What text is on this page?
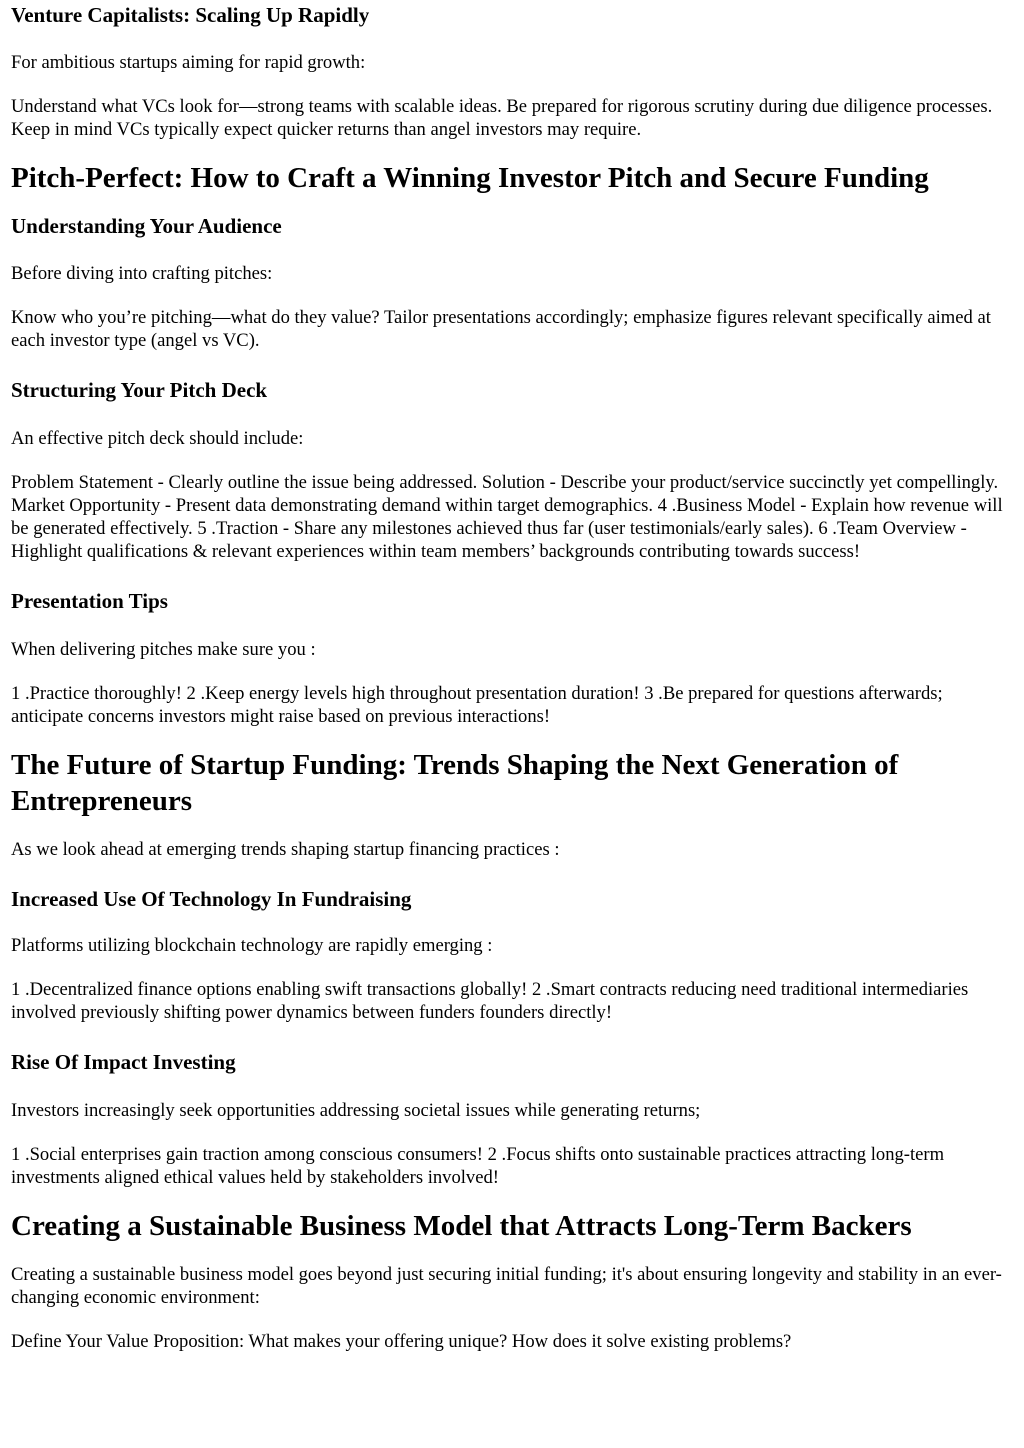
Venture Capitalists: Scaling Up Rapidly

For ambitious startups aiming for rapid growth:

Understand what VCs look for—strong teams with scalable ideas. Be prepared for rigorous scrutiny during due diligence processes. Keep in mind VCs typically expect quicker returns than angel investors may require.

Pitch-Perfect: How to Craft a Winning Investor Pitch and Secure Funding
Understanding Your Audience

Before diving into crafting pitches:

Know who you’re pitching—what do they value? Tailor presentations accordingly; emphasize figures relevant specifically aimed at each investor type (angel vs VC).

Structuring Your Pitch Deck

An effective pitch deck should include:

Problem Statement - Clearly outline the issue being addressed. Solution - Describe your product/service succinctly yet compellingly. Market Opportunity - Present data demonstrating demand within target demographics. 4 .Business Model - Explain how revenue will be generated effectively. 5 .Traction - Share any milestones achieved thus far (user testimonials/early sales). 6 .Team Overview - Highlight qualifications & relevant experiences within team members’ backgrounds contributing towards success!

Presentation Tips

When delivering pitches make sure you :

1 .Practice thoroughly! 2 .Keep energy levels high throughout presentation duration! 3 .Be prepared for questions afterwards; anticipate concerns investors might raise based on previous interactions!

The Future of Startup Funding: Trends Shaping the Next Generation of Entrepreneurs

As we look ahead at emerging trends shaping startup financing practices :

Increased Use Of Technology In Fundraising

Platforms utilizing blockchain technology are rapidly emerging :

1 .Decentralized finance options enabling swift transactions globally! 2 .Smart contracts reducing need traditional intermediaries involved previously shifting power dynamics between funders founders directly!

Rise Of Impact Investing

Investors increasingly seek opportunities addressing societal issues while generating returns;

1 .Social enterprises gain traction among conscious consumers! 2 .Focus shifts onto sustainable practices attracting long-term investments aligned ethical values held by stakeholders involved!

Creating a Sustainable Business Model that Attracts Long-Term Backers

Creating a sustainable business model goes beyond just securing initial funding; it's about ensuring longevity and stability in an ever-changing economic environment:

Define Your Value Proposition: What makes your offering unique? How does it solve existing problems?
